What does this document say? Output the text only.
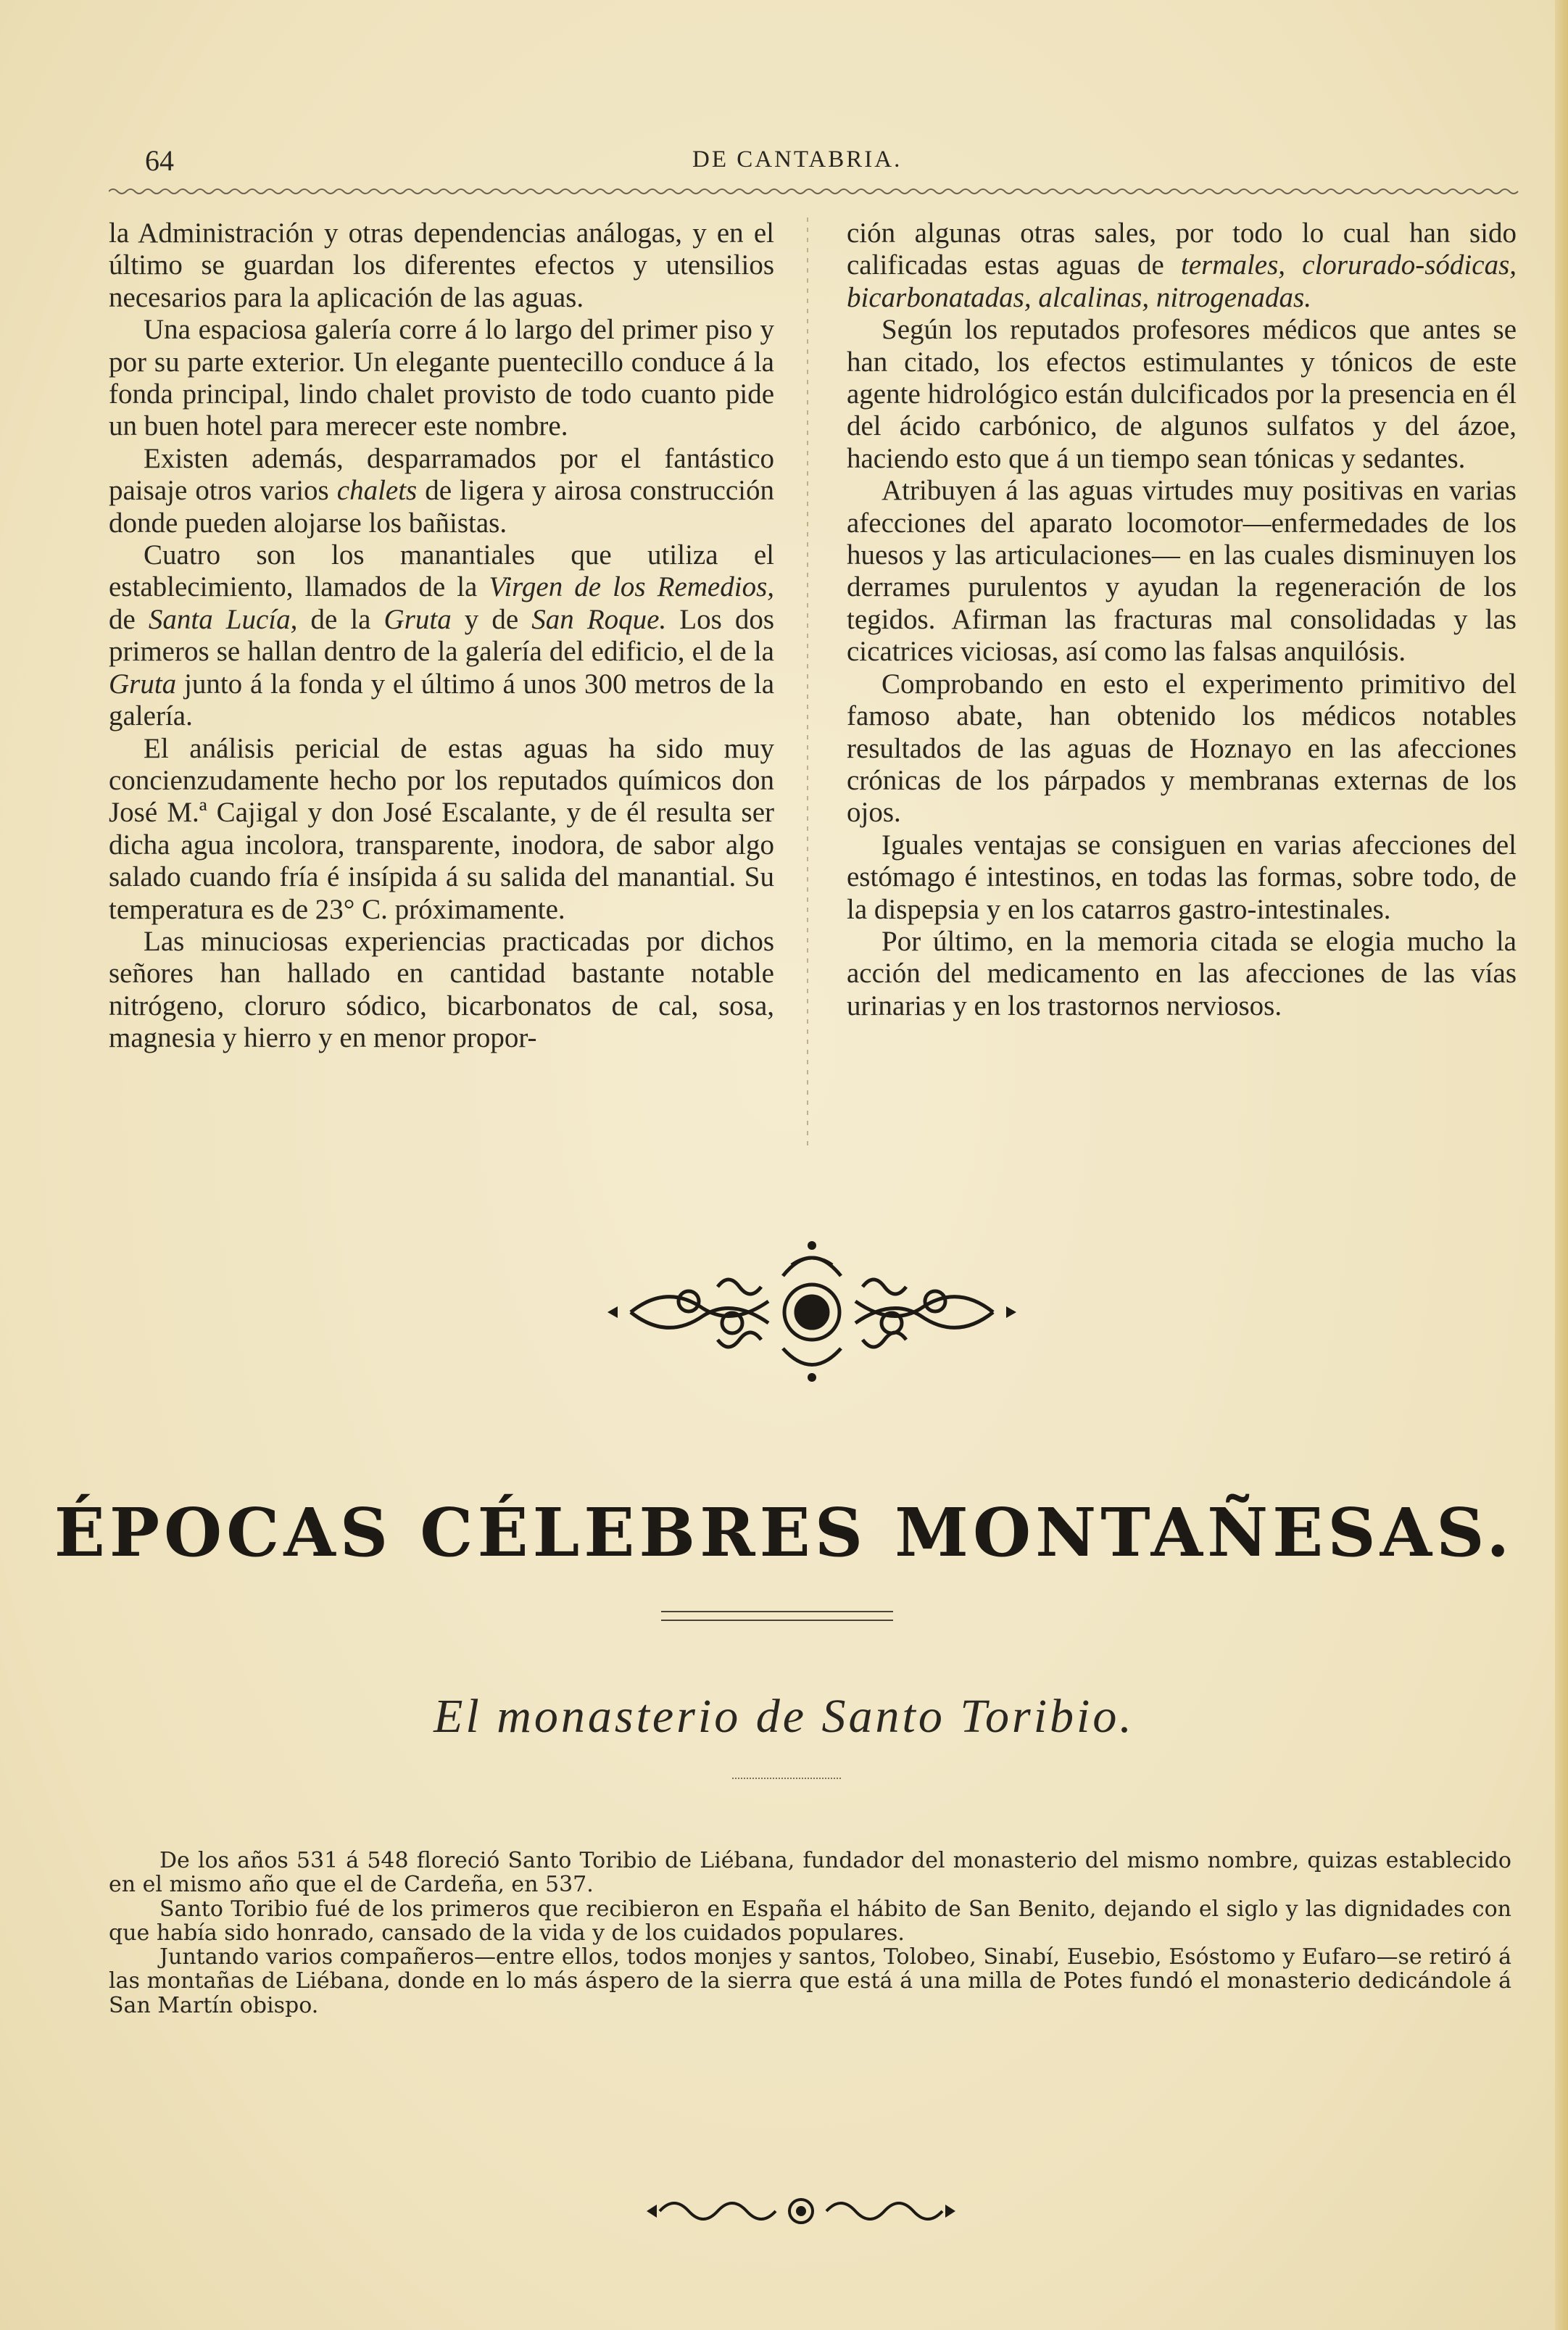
64	DE CANTABRIA.

la Administración y otras dependencias análogas, y en el último se guardan los diferentes efectos y utensilios necesarios para la aplicación de las aguas.

Una espaciosa galería corre á lo largo del primer piso y por su parte exterior. Un elegante puentecillo conduce á la fonda principal, lindo chalet provisto de todo cuanto pide un buen hotel para merecer este nombre.

Existen además, desparramados por el fantástico paisaje otros varios chalets de ligera y airosa construcción donde pueden alojarse los bañistas.

Cuatro son los manantiales que utiliza el establecimiento, llamados de la Virgen de los Remedios, de Santa Lucía, de la Gruta y de San Roque. Los dos primeros se hallan dentro de la galería del edificio, el de la Gruta junto á la fonda y el último á unos 300 metros de la galería.

El análisis pericial de estas aguas ha sido muy concienzudamente hecho por los reputados químicos don José M.ª Cajigal y don José Escalante, y de él resulta ser dicha agua incolora, transparente, inodora, de sabor algo salado cuando fría é insípida á su salida del manantial. Su temperatura es de 23° C. próximamente.

Las minuciosas experiencias practicadas por dichos señores han hallado en cantidad bastante notable nitrógeno, cloruro sódico, bicarbonatos de cal, sosa, magnesia y hierro y en menor propor-

ción algunas otras sales, por todo lo cual han sido calificadas estas aguas de termales, clorurado-sódicas, bicarbonatadas, alcalinas, nitrogenadas.

Según los reputados profesores médicos que antes se han citado, los efectos estimulantes y tónicos de este agente hidrológico están dulcificados por la presencia en él del ácido carbónico, de algunos sulfatos y del ázoe, haciendo esto que á un tiempo sean tónicas y sedantes.

Atribuyen á las aguas virtudes muy positivas en varias afecciones del aparato locomotor—enfermedades de los huesos y las articulaciones— en las cuales disminuyen los derrames purulentos y ayudan la regeneración de los tegidos. Afirman las fracturas mal consolidadas y las cicatrices viciosas, así como las falsas anquilósis.

Comprobando en esto el experimento primitivo del famoso abate, han obtenido los médicos notables resultados de las aguas de Hoznayo en las afecciones crónicas de los párpados y membranas externas de los ojos.

Iguales ventajas se consiguen en varias afecciones del estómago é intestinos, en todas las formas, sobre todo, de la dispepsia y en los catarros gastro-intestinales.

Por último, en la memoria citada se elogia mucho la acción del medicamento en las afecciones de las vías urinarias y en los trastornos nerviosos.

ÉPOCAS CÉLEBRES MONTAÑESAS.
El monasterio de Santo Toribio.

De los años 531 á 548 floreció Santo Toribio de Liébana, fundador del monasterio del mismo nombre, quizas establecido en el mismo año que el de Cardeña, en 537.

Santo Toribio fué de los primeros que recibieron en España el hábito de San Benito, dejando el siglo y las dignidades con que había sido honrado, cansado de la vida y de los cuidados populares.

Juntando varios compañeros—entre ellos, todos monjes y santos, Tolobeo, Sinabí, Eusebio, Esóstomo y Eufaro—se retiró á las montañas de Liébana, donde en lo más áspero de la sierra que está á una milla de Potes fundó el monasterio dedicándole á San Martín obispo.
